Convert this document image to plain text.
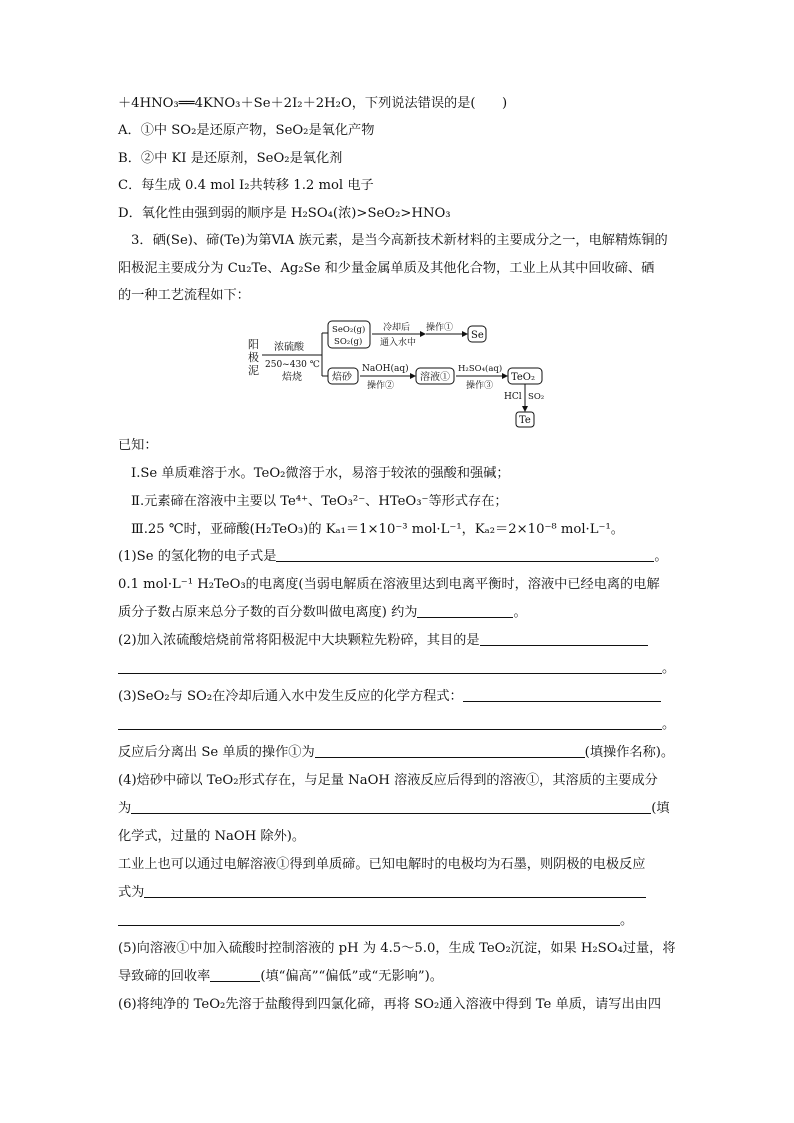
＋4HNO₃══4KNO₃＋Se＋2I₂＋2H₂O，下列说法错误的是(　　)
A．①中 SO₂是还原产物，SeO₂是氧化产物
B．②中 KI 是还原剂，SeO₂是氧化剂
C．每生成 0.4 mol I₂共转移 1.2 mol 电子
D．氧化性由强到弱的顺序是 H₂SO₄(浓)>SeO₂>HNO₃
3．硒(Se)、碲(Te)为第ⅥA 族元素，是当今高新技术新材料的主要成分之一，电解精炼铜的
阳极泥主要成分为 Cu₂Te、Ag₂Se 和少量金属单质及其他化合物，工业上从其中回收碲、硒
的一种工艺流程如下：
阳
极
泥
浓硫酸
250~430 ℃
焙烧
SeO₂(g)
SO₂(g)
冷却后
通入水中
操作①
Se
焙砂
NaOH(aq)
操作②
溶液①
H₂SO₄(aq)
操作③
TeO₂
HCl SO₂
Te
已知：
Ⅰ.Se 单质难溶于水。TeO₂微溶于水，易溶于较浓的强酸和强碱；
Ⅱ.元素碲在溶液中主要以 Te⁴⁺、TeO₃²⁻、HTeO₃⁻等形式存在；
Ⅲ.25 ℃时，亚碲酸(H₂TeO₃)的 Kₐ₁＝1×10⁻³ mol·L⁻¹，Kₐ₂＝2×10⁻⁸ mol·L⁻¹。
(1)Se 的氢化物的电子式是	。
0.1 mol·L⁻¹ H₂TeO₃的电离度(当弱电解质在溶液里达到电离平衡时，溶液中已经电离的电解
质分子数占原来总分子数的百分数叫做电离度) 约为	。
(2)加入浓硫酸焙烧前常将阳极泥中大块颗粒先粉碎，其目的是
。
(3)SeO₂与 SO₂在冷却后通入水中发生反应的化学方程式：
。
反应后分离出 Se 单质的操作①为	(填操作名称)。
(4)焙砂中碲以 TeO₂形式存在，与足量 NaOH 溶液反应后得到的溶液①，其溶质的主要成分
为	(填
化学式，过量的 NaOH 除外)。
工业上也可以通过电解溶液①得到单质碲。已知电解时的电极均为石墨，则阴极的电极反应
式为
。
(5)向溶液①中加入硫酸时控制溶液的 pH 为 4.5～5.0，生成 TeO₂沉淀，如果 H₂SO₄过量，将
导致碲的回收率	(填“偏高”“偏低”或“无影响”)。
(6)将纯净的 TeO₂先溶于盐酸得到四氯化碲，再将 SO₂通入溶液中得到 Te 单质，请写出由四
